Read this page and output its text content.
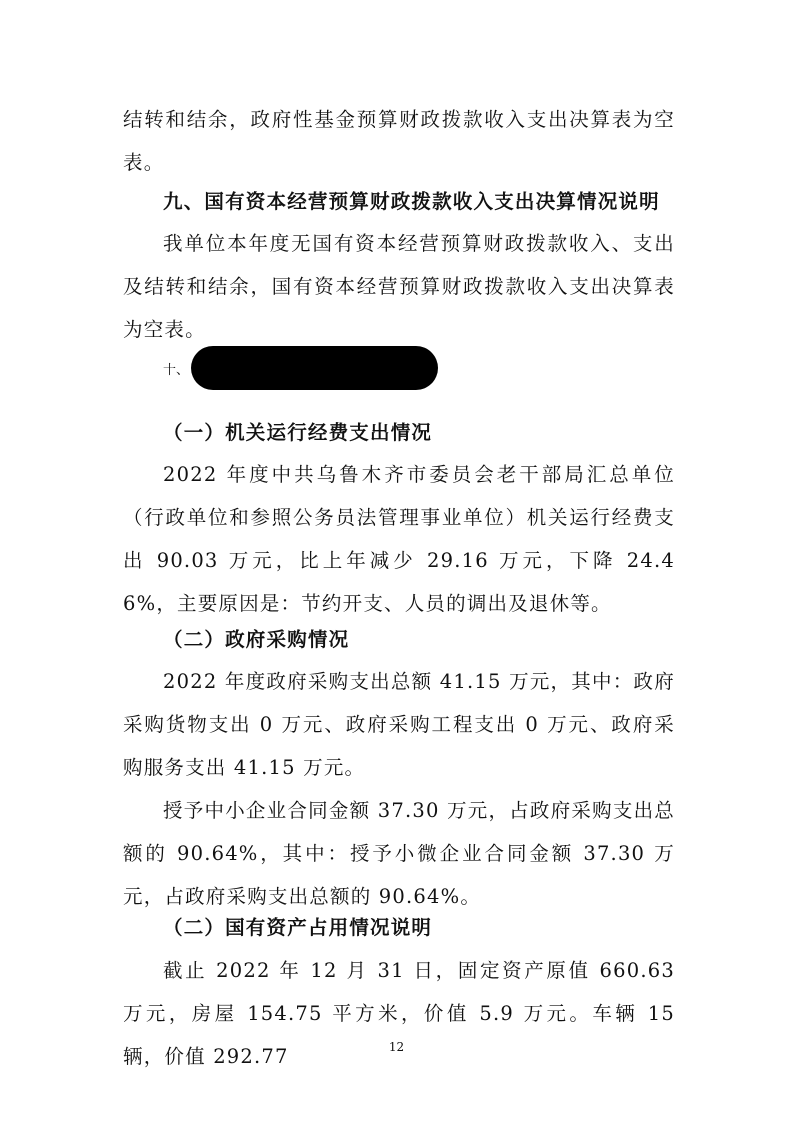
结转和结余，政府性基金预算财政拨款收入支出决算表为空表。

九、国有资本经营预算财政拨款收入支出决算情况说明

我单位本年度无国有资本经营预算财政拨款收入、支出及结转和结余，国有资本经营预算财政拨款收入支出决算表为空表。

十、

（一）机关运行经费支出情况

2022 年度中共乌鲁木齐市委员会老干部局汇总单位（行政单位和参照公务员法管理事业单位）机关运行经费支出 90.03 万元，比上年减少 29.16 万元，下降 24.46%，主要原因是：节约开支、人员的调出及退休等。

（二）政府采购情况

2022 年度政府采购支出总额 41.15 万元，其中：政府采购货物支出 0 万元、政府采购工程支出 0 万元、政府采购服务支出 41.15 万元。

授予中小企业合同金额 37.30 万元，占政府采购支出总额的 90.64%，其中：授予小微企业合同金额 37.30 万元，占政府采购支出总额的 90.64%。

（二）国有资产占用情况说明

截止 2022 年 12 月 31 日，固定资产原值 660.63 万元，房屋 154.75 平方米，价值 5.9 万元。车辆 15 辆，价值 292.77	12
